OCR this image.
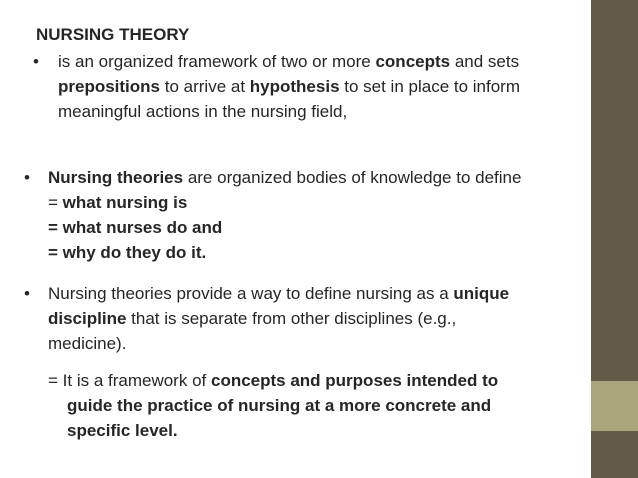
NURSING THEORY
• is an organized framework of two or more concepts and sets
prepositions to arrive at hypothesis to set in place to inform
meaningful actions in the nursing field,
• Nursing theories are organized bodies of knowledge to define
= what nursing is
= what nurses do and
= why do they do it.
• Nursing theories provide a way to define nursing as a unique
discipline that is separate from other disciplines (e.g.,
medicine).
= It is a framework of concepts and purposes intended to
guide the practice of nursing at a more concrete and
specific level.
